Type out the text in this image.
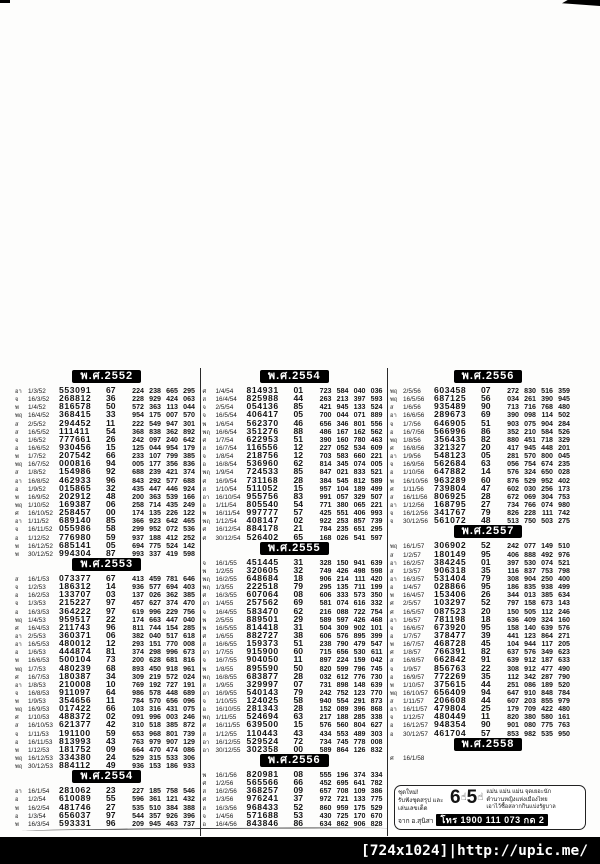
พ.ศ.2552
อา 1/3/52	553091	67	224 238 665 295
จ	16/3/52	268812	36	228 929 424 063
พ	1/4/52	816578	50	572 363 113 044
พฤ 16/4/52	368415	33	954 175 007 570
ส	2/5/52	294452	11	222 549 947 301
ส	16/5/52	111411	54	368 838 362 892
จ	1/6/52	777661	26	242 097 240 642
อ	16/6/52	930456	15	125 044 954 179
พ	1/7/52	207542	66	233 107 799 385
พฤ 16/7/52	000816	94	005 177 356 836
ส	1/8/52	154986	92	688 239 421 374
อา 16/8/52	462933	96	843 292 577 688
อ	1/9/52	015865	32	435 447 446 924
พ	16/9/52	202912	48	200 363 539 166
พฤ 1/10/52	169387	06	258 714 435 249
ศ	16/10/52 258457	00	174 135 226 122
อา 1/11/52	689140	85	366 923 642 465
จ	16/11/52 055986	58	299 952 072 536
อ	1/12/52	776980	59	937 188 412 252
พ	16/12/52 685141	05	694 775 524 142
พ	30/12/52 994304	87	993 337 419 598
พ.ศ.2553
ส	16/1/53	073377	67	413 459 781 646
จ	1/2/53	186312	14	936 577 694 403
อ	16/2/53	133707	03	137 026 362 385
จ	1/3/53	215227	97	457 627 374 470
อ	16/3/53	364222	97	619 996 229 756
พฤ 1/4/53	959517	22	174 663 447 040
ศ	16/4/53	211743	96	811 744 154 285
อา 2/5/53	360371	06	382 040 517 618
อา 16/5/53	480012	12	293 151 770 008
อ	1/6/53	444874	81	374 298 996 673
พ	16/6/53	500104	73	200 628 681 816
พฤ 1/7/53	480239	68	893 450 918 961
ศ	16/7/53	180387	34	309 219 572 024
อา 1/8/53	210008	10	769 192 727 191
จ	16/8/53	911097	64	986 578 448 689
พ	1/9/53	354656	11	784 570 656 096
พฤ 16/9/53	017422	66	103 316 431 075
ศ	1/10/53	488372	02	091 996 003 246
ส	16/10/53 621377	42	310 518 385 872
จ	1/11/53	191100	59	653 968 801 739
อ	16/11/53 813993	43	763 979 907 129
พ	1/12/53	181752	09	664 470 474 086
พฤ 16/12/53 334380	24	529 315 533 306
พฤ 30/12/53 884112	49	936 153 186 933
พ.ศ.2554
อา 16/1/54	281062	23	227 185 758 546
อ	1/2/54	610089	55	596 361 121 432
พ	16/2/54	481746	27	535 510 384 388
อ	1/3/54	656037	97	544 357 926 396
พ	16/3/54	593331	96	209 945 463 737
พ.ศ.2554
ศ	1/4/54	814931	01	723 584 040 036
ส	16/4/54	825988	44	263 213 397 593
จ	2/5/54	054136	85	421 945 133 524
จ	16/5/54	406417	05	700 044 071 889
พ	1/6/54	562370	46	656 346 801 556
พฤ 16/6/54	351276	88	486 167 162 562
ศ	1/7/54	622953	51	390 160 780 463
ส	16/7/54	116556	12	227 052 534 609
จ	1/8/54	218756	12	703 583 660 221
อ	16/8/54	536960	62	814 345 074 005
พฤ 1/9/54	724533	85	847 021 833 521
ศ	16/9/54	731168	28	384 545 812 589
ส	1/10/54	511052	15	957 104 189 499
อา 16/10/54 955756	83	991 057 329 507
อ	1/11/54	805540	54	771 380 065 221
พ	16/11/54 997777	57	425 551 406 993
พฤ 1/12/54	408147	02	922 253 857 739
ศ	16/12/54 884178	21	784 235 651 295
ศ	30/12/54 526402	65	168 026 541 597
พ.ศ.2555
จ	16/1/55	451445	31	328 150 941 639
พ	1/2/55	320605	32	749 426 498 598
พฤ 16/2/55	648684	18	906 214 111 420
พฤ 1/3/55	222518	79	295 135 711 199
ศ	16/3/55	607064	08	606 333 573 350
อา 1/4/55	257562	69	581 074 616 332
จ	16/4/55	583470	62	216 088 722 754
พ	2/5/55	889501	29	589 597 426 468
พ	16/5/55	814418	31	504 309 902 101
ศ	1/6/55	882727	38	606 576 895 399
ส	16/6/55	159373	51	238 790 479 547
อา 1/7/55	915900	60	715 656 530 611
จ	16/7/55	904050	11	897 224 159 042
พ	1/8/55	895590	50	820 599 796 745
พฤ 16/8/55	683877	28	032 612 776 730
ส	1/9/55	329997	07	731 898 148 639
อา 16/9/55	540143	79	242 752 123 770
จ	1/10/55	124025	58	940 554 291 873
อ	16/10/55 281343	28	152 089 396 868
พฤ 1/11/55	524694	63	217 188 285 338
ศ	16/11/55 639500	15	576 560 804 627
ส	1/12/55	110443	43	434 553 489 303
อา 16/12/55 529524	72	734 745 778 008
อา 30/12/55 302358	00	589 864 126 832
พ.ศ.2556
พ	16/1/56	820981	08	555 196 374 334
ศ	1/2/56	565566	66	452 695 641 782
ส	16/2/56	368257	09	657 708 109 386
ศ	1/3/56	976241	37	972 721 133 775
ส	16/3/56	968433	52	860 959 175 529
จ	1/4/56	571688	53	430 725 170 670
อ	16/4/56	843846	86	634 862 906 828
พ.ศ.2556
พฤ 2/5/56	603458	07	272 830 516 359
พฤ 16/5/56	687125	56	034 261 390 945
ส	1/6/56	935489	90	713 716 768 480
อา 16/6/56	289673	69	390 098 114 502
จ	1/7/56	646905	51	903 075 904 284
อ	16/7/56	566996	86	352 210 584 526
พฤ 1/8/56	356435	82	880 451 718 329
ศ	16/8/56	321327	20	417 945 448 201
อา 1/9/56	548123	05	281 570 800 045
จ	16/9/56	562684	63	056 754 674 235
อ	1/10/56	647882	14	576 324 650 028
พ	16/10/56 963289	60	876 529 952 402
ศ	1/11/56	739804	47	602 030 256 173
ส	16/11/56 806925	28	672 069 304 753
อา 1/12/56	168795	27	734 766 074 980
จ	16/12/56 341767	79	826 228 111 742
จ	30/12/56 561072	48	513 750 503 275
พ.ศ.2557
พฤ 16/1/57	306902	52	242 077 149 510
ส	1/2/57	180149	95	406 888 492 976
อา 16/2/57	384245	01	397 530 074 521
ส	1/3/57	906318	35	116 837 753 798
อา 16/3/57	531404	79	308 904 250 400
อ	1/4/57	028866	95	186 835 938 499
พ	16/4/57	153406	26	344 013 385 634
ศ	2/5/57	103297	52	797 158 673 143
ศ	16/5/57	087523	20	150 505 112 246
อา 1/6/57	781198	18	636 409 324 160
จ	16/6/57	673920	95	158 140 639 576
อ	1/7/57	378477	39	441 123 864 271
พ	16/7/57	468728	45	104 944 117 205
ศ	1/8/57	766391	82	637 576 349 623
ส	16/8/57	662842	91	639 912 187 633
จ	1/9/57	856763	22	308 912 477 490
อ	16/9/57	772269	35	112 342 287 790
พ	1/10/57	375615	44	251 086 189 520
พฤ 16/10/57 656409	94	647 910 848 784
ส	1/11/57	206608	44	607 203 855 979
อา 16/11/57 479804	25	179 709 422 480
จ	1/12/57	480449	11	820 380 580 161
อ	16/12/57 948354	90	901 080 775 763
อ	30/12/57 461704	57	853 982 535 950
พ.ศ.2558
ศ	16/1/58
ชุดใหม่!
รับฟังชุดสรุป และเล่นเลขเด็ด
6☝5☝ แม่น แม่น แม่น จุดเยอะนัก
ตำนานหญิงแห่งเมืองไทย
เอาไว้ซื้อสลากกินแบ่งรัฐบาล
จาก อ.สุนิสา โทร 1900 111 073 กด 2
[724x1024]|http://upic.me/
